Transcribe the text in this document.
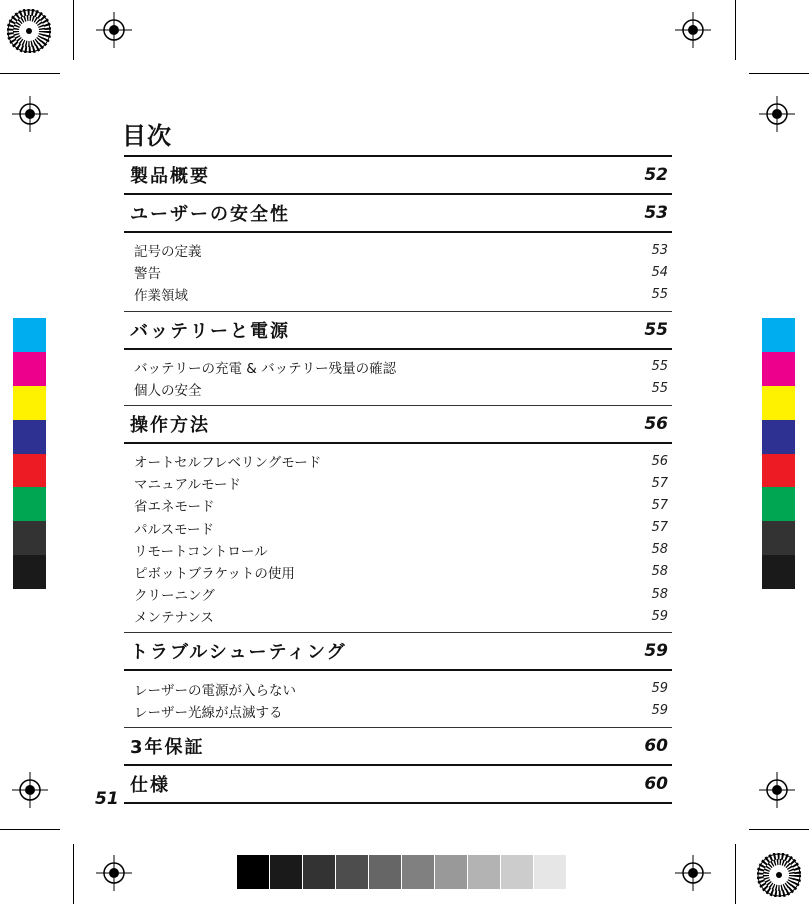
目次
製品概要	52
ユーザーの安全性	53
記号の定義	53
警告	54
作業領域	55
バッテリーと電源	55
バッテリーの充電 & バッテリー残量の確認	55
個人の安全	55
操作方法	56
オートセルフレベリングモード	56
マニュアルモード	57
省エネモード	57
パルスモード	57
リモートコントロール	58
ピボットブラケットの使用	58
クリーニング	58
メンテナンス	59
トラブルシューティング	59
レーザーの電源が入らない	59
レーザー光線が点滅する	59
3年保証	60
仕様	60
51
